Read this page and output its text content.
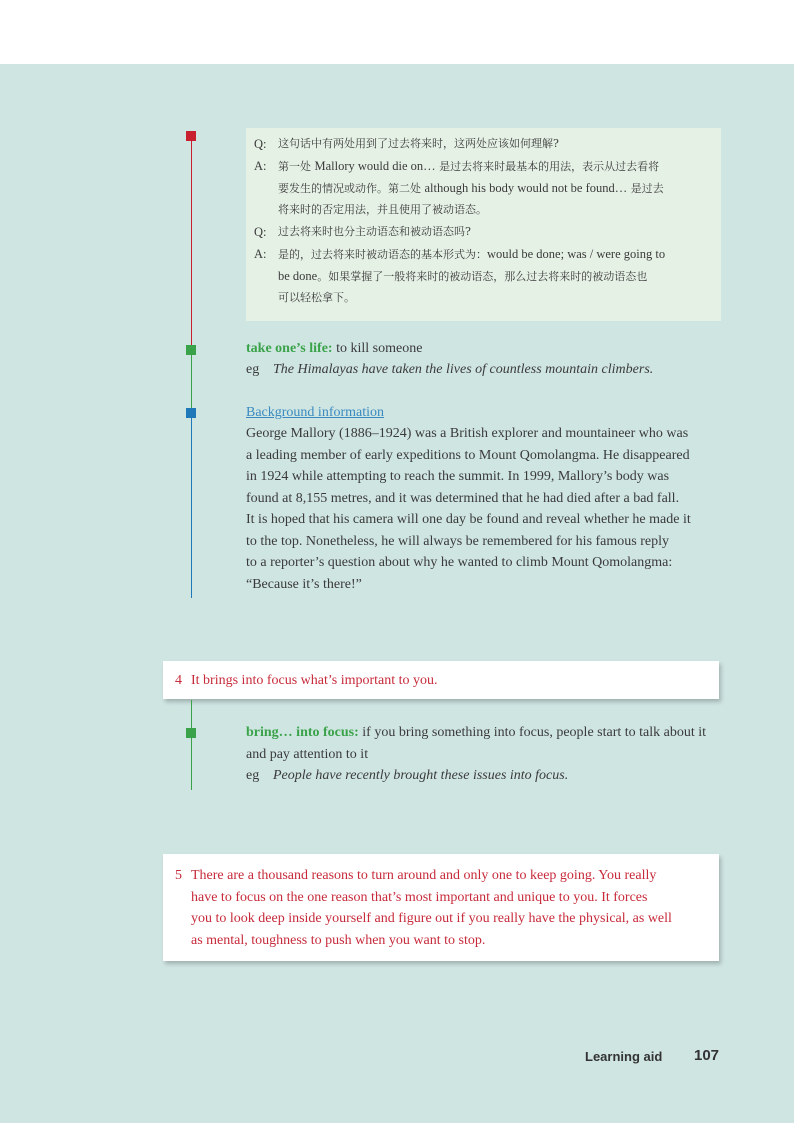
Q:	这句话中有两处用到了过去将来时，这两处应该如何理解?
A:	第一处 Mallory would die on… 是过去将来时最基本的用法，表示从过去看将
要发生的情况或动作。第二处 although his body would not be found… 是过去
将来时的否定用法，并且使用了被动语态。
Q:	过去将来时也分主动语态和被动语态吗?
A:	是的，过去将来时被动语态的基本形式为：would be done; was / were going to
be done。如果掌握了一般将来时的被动语态，那么过去将来时的被动语态也
可以轻松拿下。
take one’s life: to kill someone
eg The Himalayas have taken the lives of countless mountain climbers.
Background information
George Mallory (1886–1924) was a British explorer and mountaineer who was
a leading member of early expeditions to Mount Qomolangma. He disappeared
in 1924 while attempting to reach the summit. In 1999, Mallory’s body was
found at 8,155 metres, and it was determined that he had died after a bad fall.
It is hoped that his camera will one day be found and reveal whether he made it
to the top. Nonetheless, he will always be remembered for his famous reply
to a reporter’s question about why he wanted to climb Mount Qomolangma:
“Because it’s there!”
4 It brings into focus what’s important to you.
bring… into focus: if you bring something into focus, people start to talk about it
and pay attention to it
eg People have recently brought these issues into focus.
5 There are a thousand reasons to turn around and only one to keep going. You really
have to focus on the one reason that’s most important and unique to you. It forces
you to look deep inside yourself and figure out if you really have the physical, as well
as mental, toughness to push when you want to stop.
Learning aid 107
